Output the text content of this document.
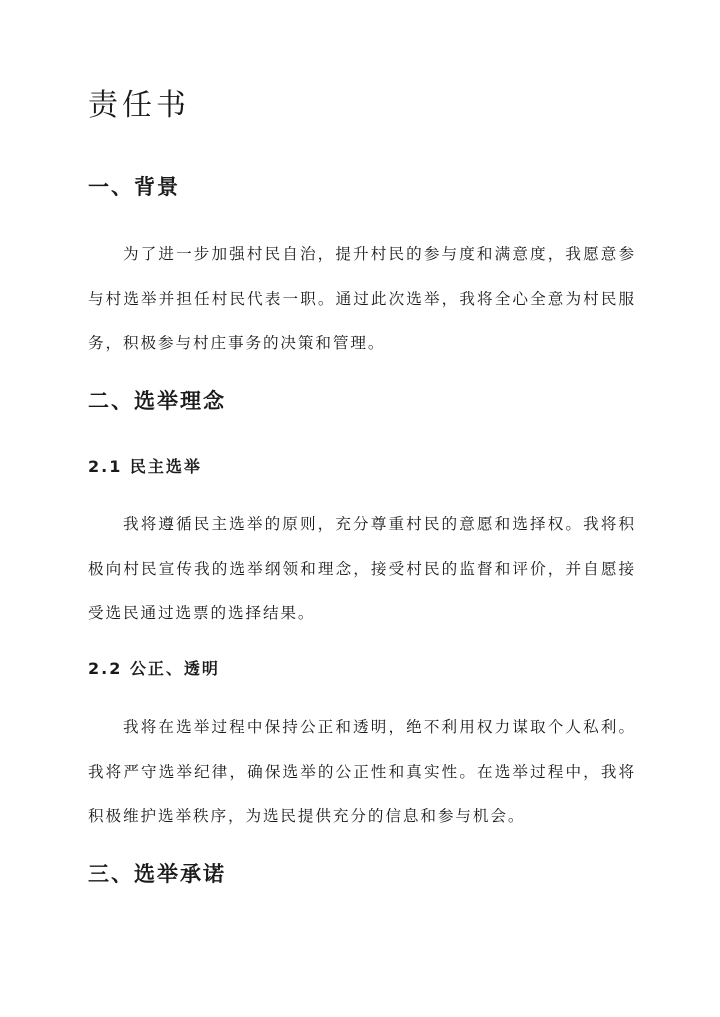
责任书
一、背景

为了进一步加强村民自治，提升村民的参与度和满意度，我愿意参与村选举并担任村民代表一职。通过此次选举，我将全心全意为村民服务，积极参与村庄事务的决策和管理。

二、选举理念
2.1 民主选举

我将遵循民主选举的原则，充分尊重村民的意愿和选择权。我将积极向村民宣传我的选举纲领和理念，接受村民的监督和评价，并自愿接受选民通过选票的选择结果。

2.2 公正、透明

我将在选举过程中保持公正和透明，绝不利用权力谋取个人私利。我将严守选举纪律，确保选举的公正性和真实性。在选举过程中，我将积极维护选举秩序，为选民提供充分的信息和参与机会。

三、选举承诺
